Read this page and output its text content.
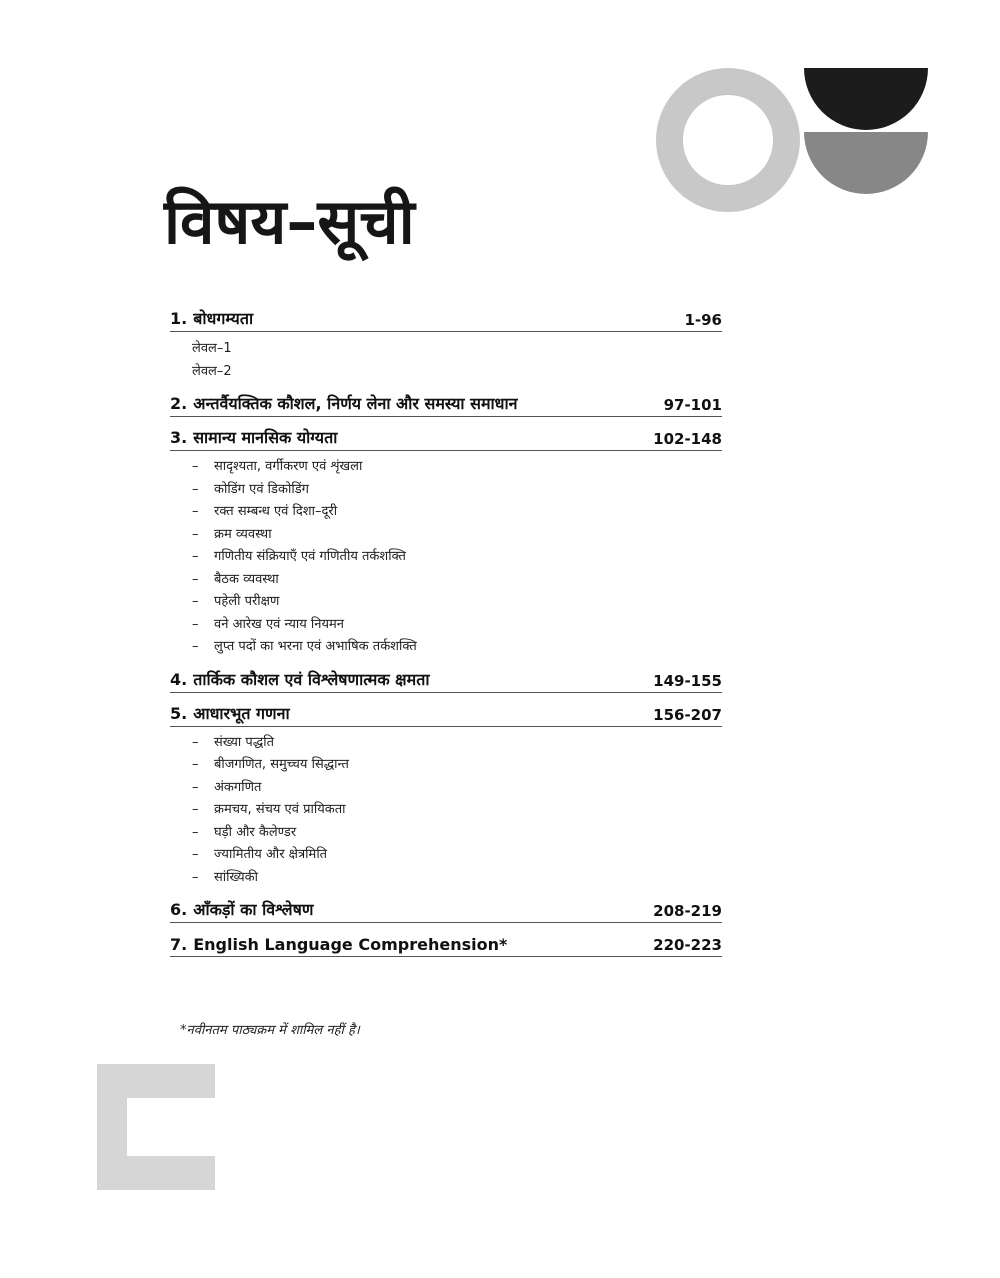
विषय–सूची
1. बोधगम्यता	1-96
लेवल–1
लेवल–2
2. अन्तर्वैयक्तिक कौशल, निर्णय लेना और समस्या समाधान	97-101
3. सामान्य मानसिक योग्यता	102-148
– सादृश्यता, वर्गीकरण एवं शृंखला
– कोडिंग एवं डिकोडिंग
– रक्त सम्बन्ध एवं दिशा–दूरी
– क्रम व्यवस्था
– गणितीय संक्रियाएँ एवं गणितीय तर्कशक्ति
– बैठक व्यवस्था
– पहेली परीक्षण
– वने आरेख एवं न्याय नियमन
– लुप्त पदों का भरना एवं अभाषिक तर्कशक्ति
4. तार्किक कौशल एवं विश्लेषणात्मक क्षमता	149-155
5. आधारभूत गणना	156-207
– संख्या पद्धति
– बीजगणित, समुच्चय सिद्धान्त
– अंकगणित
– क्रमचय, संचय एवं प्रायिकता
– घड़ी और कैलेण्डर
– ज्यामितीय और क्षेत्रमिति
– सांख्यिकी
6. आँकड़ों का विश्लेषण	208-219
7. English Language Comprehension*	220-223
*नवीनतम पाठ्यक्रम में शामिल नहीं है।
